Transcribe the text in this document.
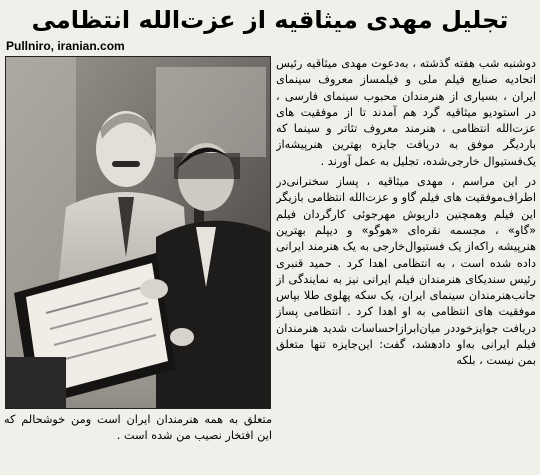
تجلیل مهدی میثاقیه از عزت‌الله انتظامی
Pullniro, iranian.com

دوشنبه شب هفته گذشته ، به‌دعوت مهدی میثاقیه رئیس اتحادیه صنایع فیلم ملی و فیلمساز معروف سینمای ایران ، بسیاری از هنرمندان محبوب سینمای فارسی ، در استودیو میثاقیه گرد هم آمدند تا از موفقیت های عزت‌الله انتظامی ، هنرمند معروف تئاتر و سینما که باردیگر موفق به دریافت جایزه بهترین هنرپیشه‌از یک‌فستیوال خارجی‌شده، تجلیل به عمل آورند .

در این مراسم ، مهدی میثاقیه ، پساز سخنرانی‌در اطراف‌موفقیت های فیلم گاو و عزت‌الله انتظامی بازیگر این فیلم وهمچنین داریوش مهرجوئی کارگردان فیلم «گاو» ، مجسمه نقره‌ای «هوگو» و دیپلم بهترین هنرپیشه راکه‌از یک فستیوال‌خارجی به یک هنرمند ایرانی داده شده است ، به انتظامی اهدا کرد . حمید قنبری رئیس سندیکای هنرمندان فیلم ایرانی نیز به نمایندگی از جانب‌هنرمندان سینمای ایران، یک سکه پهلوی طلا بپاس موفقیت های انتظامی به او اهدا کرد . انتظامی پساز دریافت جوایزخود‌در میان‌ابراز‌احساسات شدید هنرمندان فیلم ایرانی به‌او دادهشد، گفت: این‌جایزه تنها متعلق بمن نیست ، بلکه

متعلق به همه هنرمندان ایران است ومن خوشحالم که این افتخار نصیب من شده است .
